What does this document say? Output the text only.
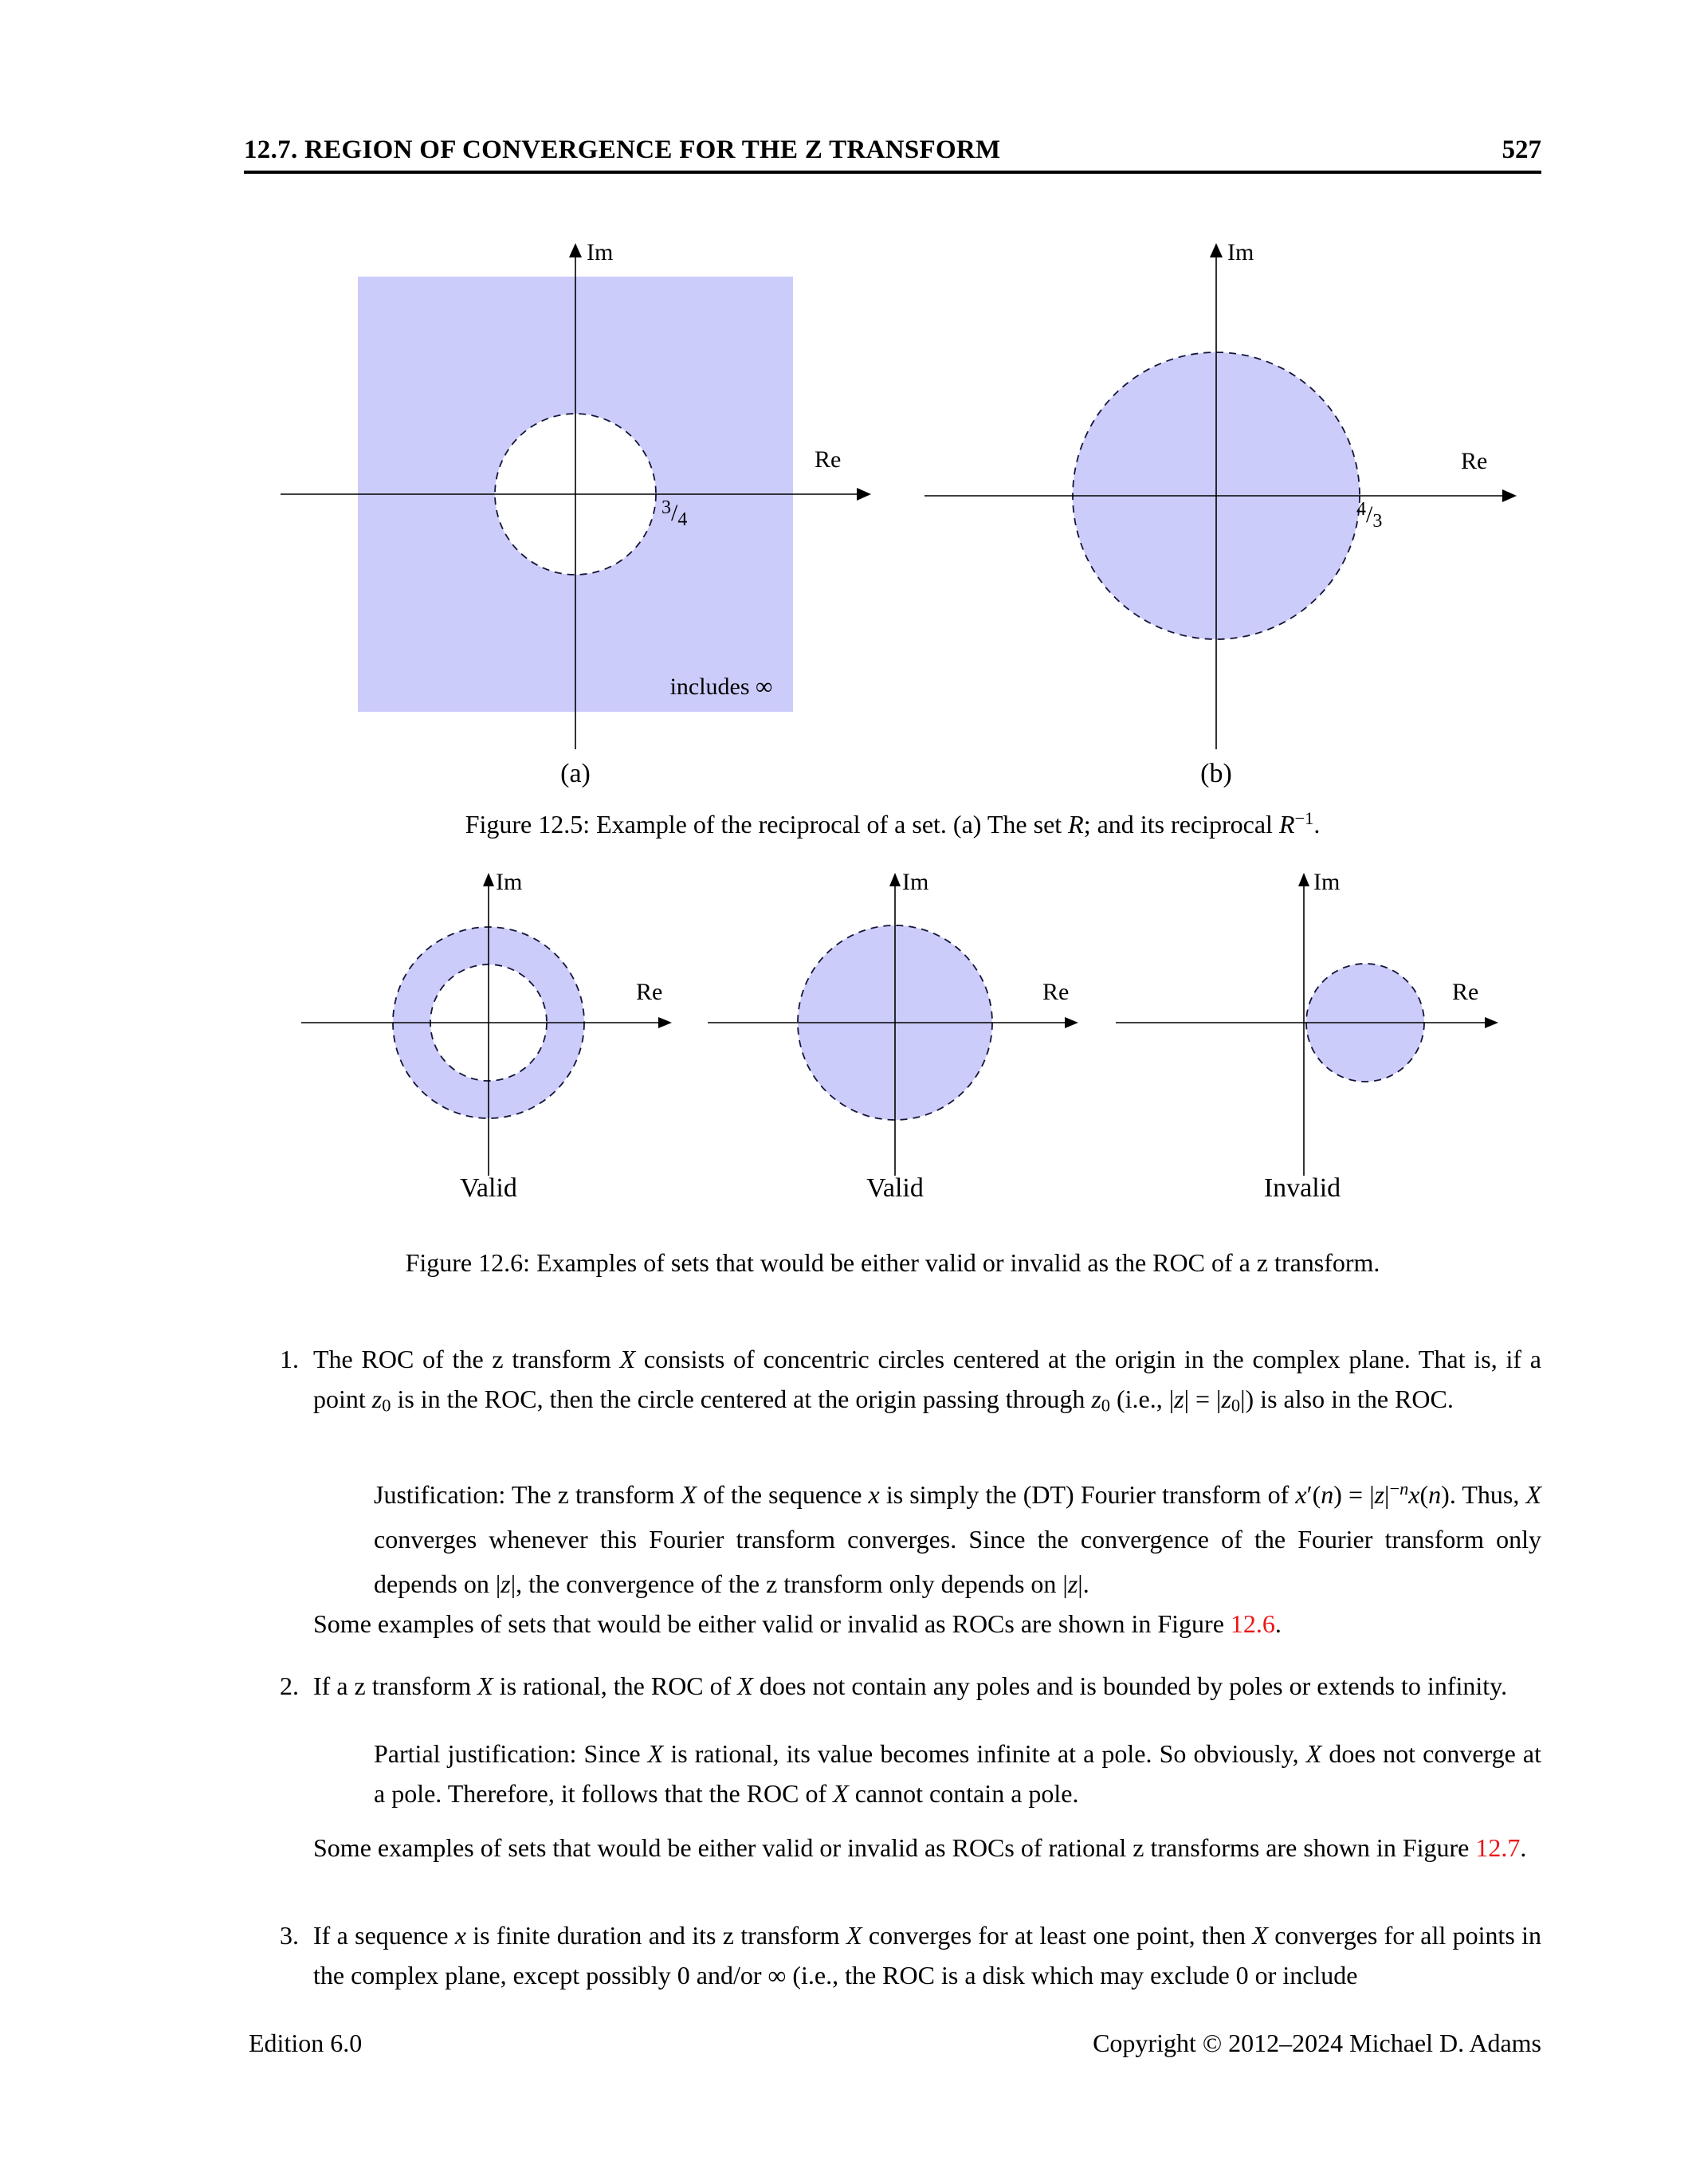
12.7. REGION OF CONVERGENCE FOR THE Z TRANSFORM	527
Im
Re
$^3/_4$
includes ∞
(a)
Im
Re
$^4/_3$
(b)
Figure 12.5: Example of the reciprocal of a set. (a) The set R; and its reciprocal $R^{-1}$.
Im
Re
Valid
Im
Re
Valid
Im
Re
Invalid
Figure 12.6: Examples of sets that would be either valid or invalid as the ROC of a z transform.
1. The ROC of the z transform X consists of concentric circles centered at the origin in the complex plane. That is, if a point $z_0$ is in the ROC, then the circle centered at the origin passing through $z_0$ (i.e., $|z| = |z_0|$) is also in the ROC.
Justification: The z transform X of the sequence x is simply the (DT) Fourier transform of $x'(n) = |z|^{-n}x(n)$. Thus, X converges whenever this Fourier transform converges. Since the convergence of the Fourier transform only depends on |z|, the convergence of the z transform only depends on |z|.
Some examples of sets that would be either valid or invalid as ROCs are shown in Figure 12.6.
2. If a z transform X is rational, the ROC of X does not contain any poles and is bounded by poles or extends to infinity.
Partial justification: Since X is rational, its value becomes infinite at a pole. So obviously, X does not converge at a pole. Therefore, it follows that the ROC of X cannot contain a pole.
Some examples of sets that would be either valid or invalid as ROCs of rational z transforms are shown in Figure 12.7.
3. If a sequence x is finite duration and its z transform X converges for at least one point, then X converges for all points in the complex plane, except possibly 0 and/or ∞ (i.e., the ROC is a disk which may exclude 0 or include
Edition 6.0	Copyright © 2012–2024 Michael D. Adams
